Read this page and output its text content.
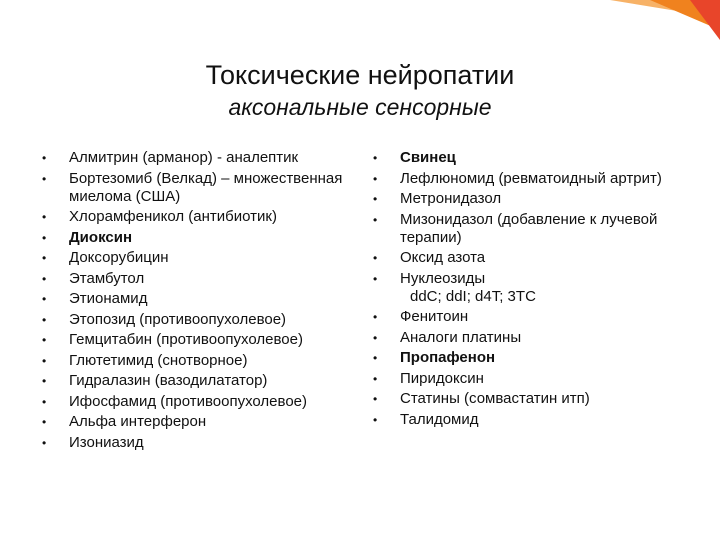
Токсические нейропатии
аксональные сенсорные
• Алмитрин (арманор) - аналептик
• Бортезомиб (Велкад) – множественная миелома (США)
• Хлорамфеникол (антибиотик)
• Диоксин
• Доксорубицин
• Этамбутол
• Этионамид
• Этопозид (противоопухолевое)
• Гемцитабин (противоопухолевое)
• Глютетимид (снотворное)
• Гидралазин (вазодилататор)
• Ифосфамид (противоопухолевое)
• Альфа интерферон
• Изониазид
• Свинец
• Лефлюномид (ревматоидный артрит)
• Метронидазол
• Мизонидазол (добавление к лучевой терапии)
• Оксид азота
• Нуклеозиды
ddC; ddI; d4T; 3TC
• Фенитоин
• Аналоги платины
• Пропафенон
• Пиридоксин
• Статины (сомвастатин итп)
• Талидомид
